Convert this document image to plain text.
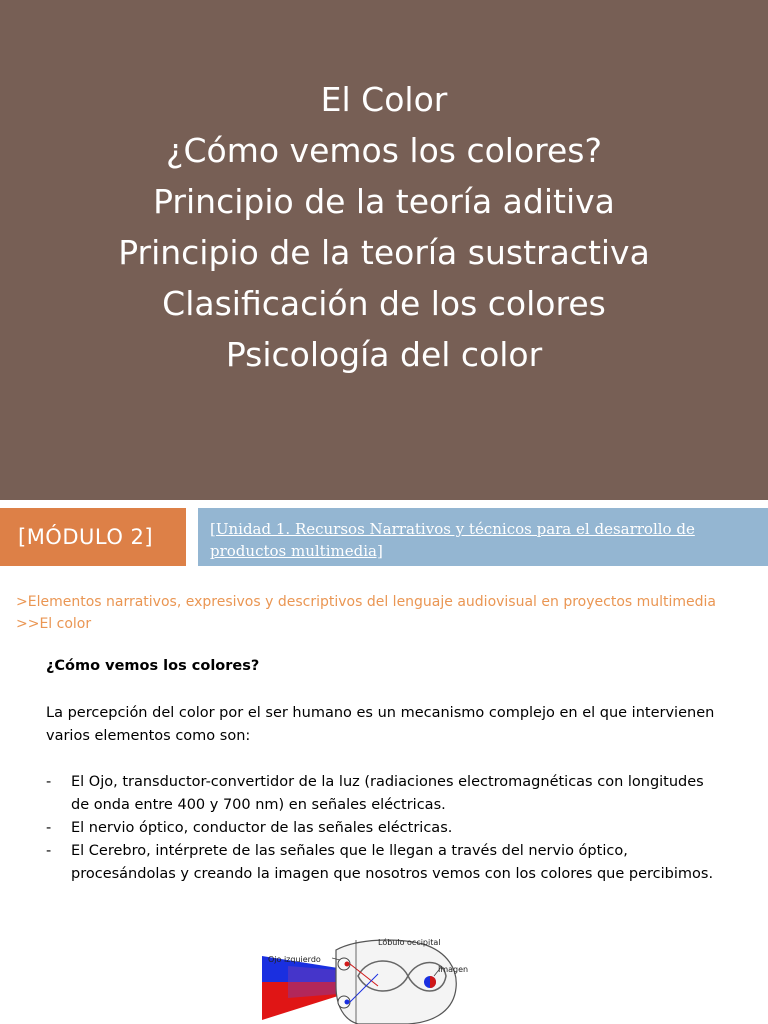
El Color
¿Cómo vemos los colores?
Principio de la teoría aditiva
Principio de la teoría sustractiva
Clasificación de los colores
Psicología del color
[MÓDULO 2]	[Unidad 1. Recursos Narrativos y técnicos para el desarrollo de productos multimedia]
>Elementos narrativos, expresivos y descriptivos del lenguaje audiovisual en proyectos multimedia >>El color
¿Cómo vemos los colores?
La percepción del color por el ser humano es un mecanismo complejo en el que intervienen varios elementos como son:
- El Ojo, transductor-convertidor de la luz (radiaciones electromagnéticas con longitudes de onda entre 400 y 700 nm) en señales eléctricas.
- El nervio óptico, conductor de las señales eléctricas.
- El Cerebro, intérprete de las señales que le llegan a través del nervio óptico, procesándolas y creando la imagen que nosotros vemos con los colores que percibimos.
Lóbulo occipital
Ojo izquierdo
Imagen
